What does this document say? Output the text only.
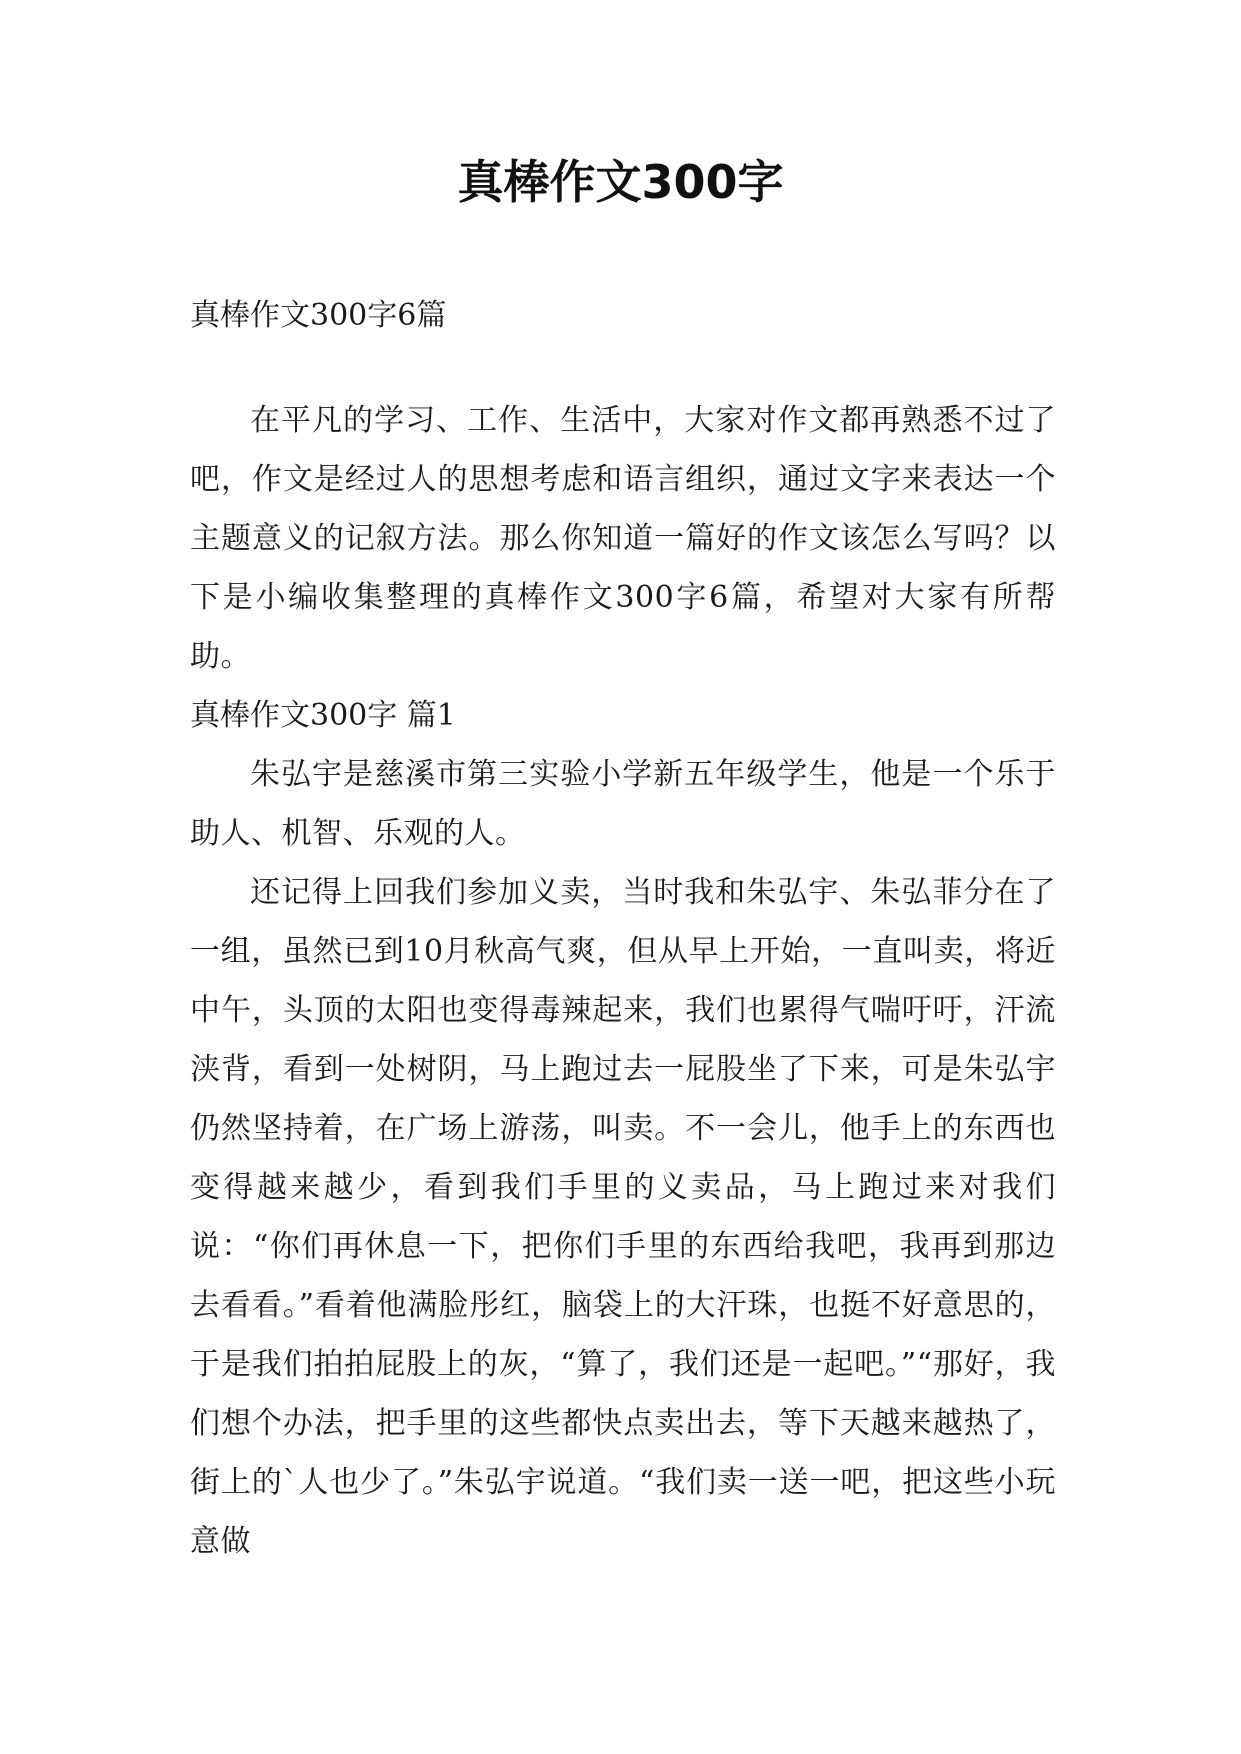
真棒作文300字

真棒作文300字6篇

在平凡的学习、工作、生活中，大家对作文都再熟悉不过了吧，作文是经过人的思想考虑和语言组织，通过文字来表达一个主题意义的记叙方法。那么你知道一篇好的作文该怎么写吗？以下是小编收集整理的真棒作文300字6篇，希望对大家有所帮助。

真棒作文300字 篇1

朱弘宇是慈溪市第三实验小学新五年级学生，他是一个乐于助人、机智、乐观的人。

还记得上回我们参加义卖，当时我和朱弘宇、朱弘菲分在了一组，虽然已到10月秋高气爽，但从早上开始，一直叫卖，将近中午，头顶的太阳也变得毒辣起来，我们也累得气喘吁吁，汗流浃背，看到一处树阴，马上跑过去一屁股坐了下来，可是朱弘宇仍然坚持着，在广场上游荡，叫卖。不一会儿，他手上的东西也变得越来越少，看到我们手里的义卖品，马上跑过来对我们说：“你们再休息一下，把你们手里的东西给我吧，我再到那边去看看。”看着他满脸彤红，脑袋上的大汗珠，也挺不好意思的，于是我们拍拍屁股上的灰，“算了，我们还是一起吧。”“那好，我们想个办法，把手里的这些都快点卖出去，等下天越来越热了，街上的`人也少了。”朱弘宇说道。“我们卖一送一吧，把这些小玩意做
